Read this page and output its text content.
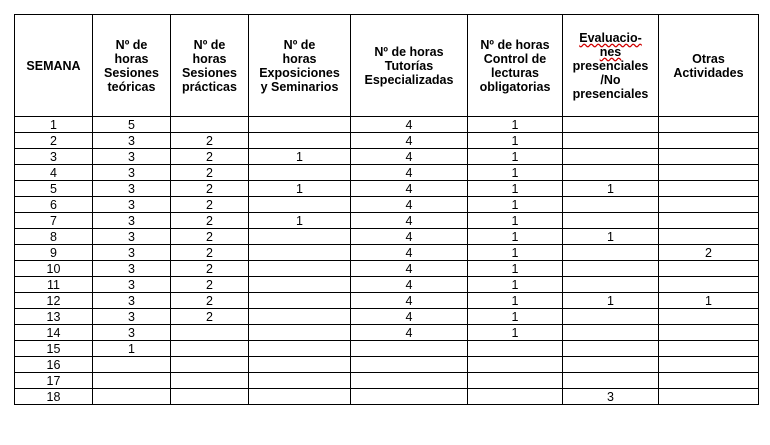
SEMANA	Nº de
horas
Sesiones
teóricas	Nº de
horas
Sesiones
prácticas	Nº de
horas
Exposiciones
y Seminarios	Nº de horas
Tutorías
Especializadas	Nº de horas
Control de
lecturas
obligatorias	Evaluacio-
nes
presenciales
/No
presenciales	Otras
Actividades
1	5			4	1		
2	3	2		4	1		
3	3	2	1	4	1		
4	3	2		4	1		
5	3	2	1	4	1	1	
6	3	2		4	1		
7	3	2	1	4	1		
8	3	2		4	1	1	
9	3	2		4	1		2
10	3	2		4	1		
11	3	2		4	1		
12	3	2		4	1	1	1
13	3	2		4	1		
14	3			4	1		
15	1						
16							
17							
18						3	
